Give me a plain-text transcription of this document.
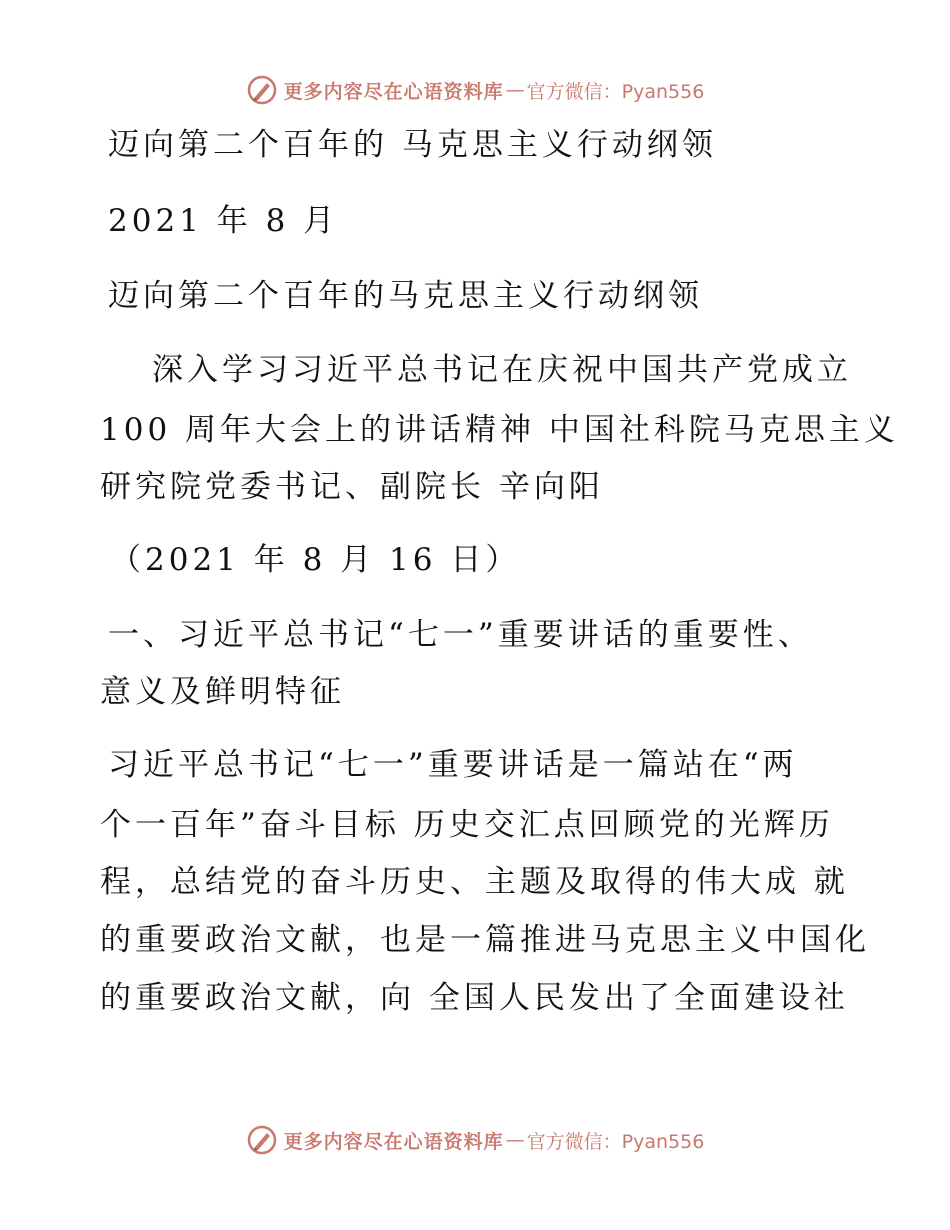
更多内容尽在心语资料库 — 官方微信：Pyan556
迈向第二个百年的 马克思主义行动纲领
2021 年 8 月
迈向第二个百年的马克思主义行动纲领
深入学习习近平总书记在庆祝中国共产党成立
100 周年大会上的讲话精神 中国社科院马克思主义
研究院党委书记、副院长 辛向阳
（2021 年 8 月 16 日）
一、习近平总书记“七一”重要讲话的重要性、
意义及鲜明特征
习近平总书记“七一”重要讲话是一篇站在“两
个一百年”奋斗目标 历史交汇点回顾党的光辉历
程，总结党的奋斗历史、主题及取得的伟大成 就
的重要政治文献，也是一篇推进马克思主义中国化
的重要政治文献，向 全国人民发出了全面建设社
更多内容尽在心语资料库 — 官方微信：Pyan556
